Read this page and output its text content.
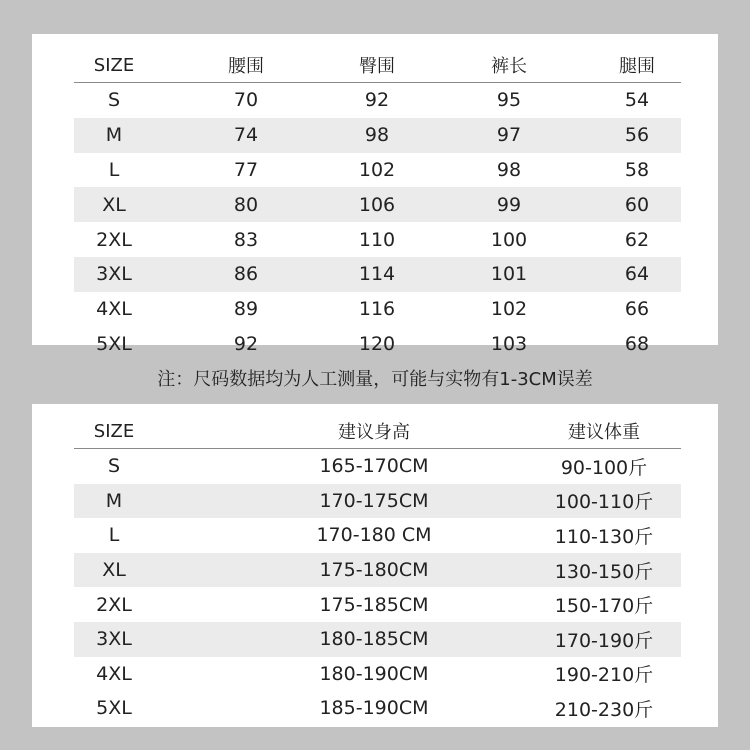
SIZE	腰围	臀围	裤长	腿围
S	70	92	95	54
M	74	98	97	56
L	77	102	98	58
XL	80	106	99	60
2XL	83	110	100	62
3XL	86	114	101	64
4XL	89	116	102	66
5XL	92	120	103	68
注：尺码数据均为人工测量，可能与实物有1-3CM误差
SIZE	建议身高	建议体重
S	165-170CM	90-100斤
M	170-175CM	100-110斤
L	170-180 CM	110-130斤
XL	175-180CM	130-150斤
2XL	175-185CM	150-170斤
3XL	180-185CM	170-190斤
4XL	180-190CM	190-210斤
5XL	185-190CM	210-230斤
